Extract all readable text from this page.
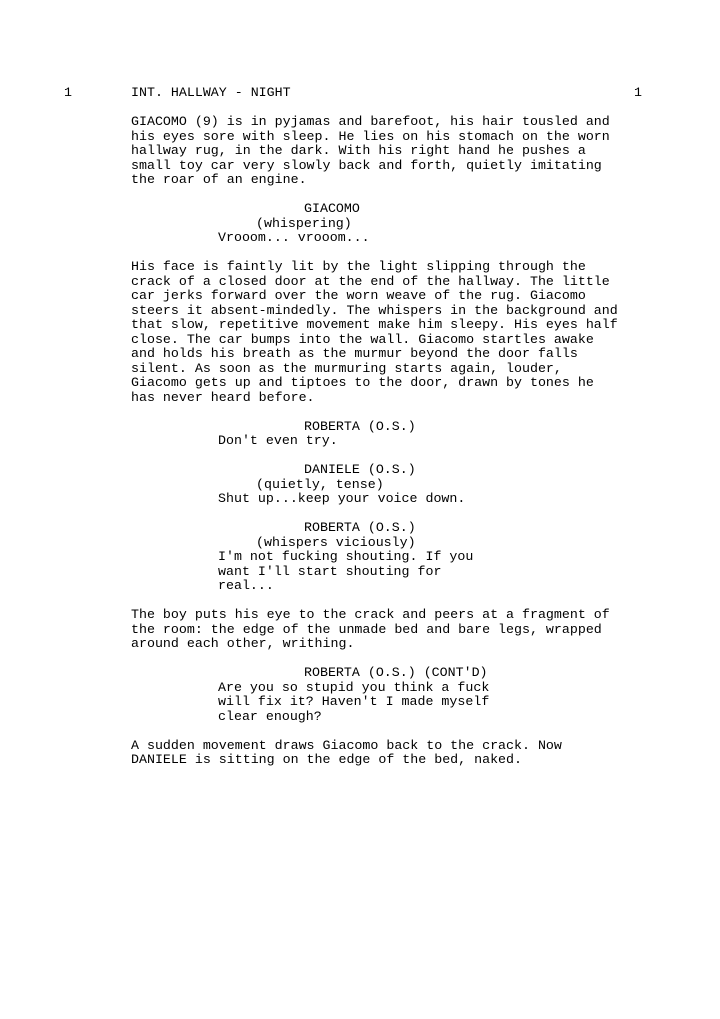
1	1
INT. HALLWAY - NIGHT
GIACOMO (9) is in pyjamas and barefoot, his hair tousled and
his eyes sore with sleep. He lies on his stomach on the worn
hallway rug, in the dark. With his right hand he pushes a
small toy car very slowly back and forth, quietly imitating
the roar of an engine.
GIACOMO
(whispering)
Vrooom... vrooom...
His face is faintly lit by the light slipping through the
crack of a closed door at the end of the hallway. The little
car jerks forward over the worn weave of the rug. Giacomo
steers it absent-mindedly. The whispers in the background and
that slow, repetitive movement make him sleepy. His eyes half
close. The car bumps into the wall. Giacomo startles awake
and holds his breath as the murmur beyond the door falls
silent. As soon as the murmuring starts again, louder,
Giacomo gets up and tiptoes to the door, drawn by tones he
has never heard before.
ROBERTA (O.S.)
Don't even try.
DANIELE (O.S.)
(quietly, tense)
Shut up...keep your voice down.
ROBERTA (O.S.)
(whispers viciously)
I'm not fucking shouting. If you
want I'll start shouting for
real...
The boy puts his eye to the crack and peers at a fragment of
the room: the edge of the unmade bed and bare legs, wrapped
around each other, writhing.
ROBERTA (O.S.) (CONT'D)
Are you so stupid you think a fuck
will fix it? Haven't I made myself
clear enough?
A sudden movement draws Giacomo back to the crack. Now
DANIELE is sitting on the edge of the bed, naked.
